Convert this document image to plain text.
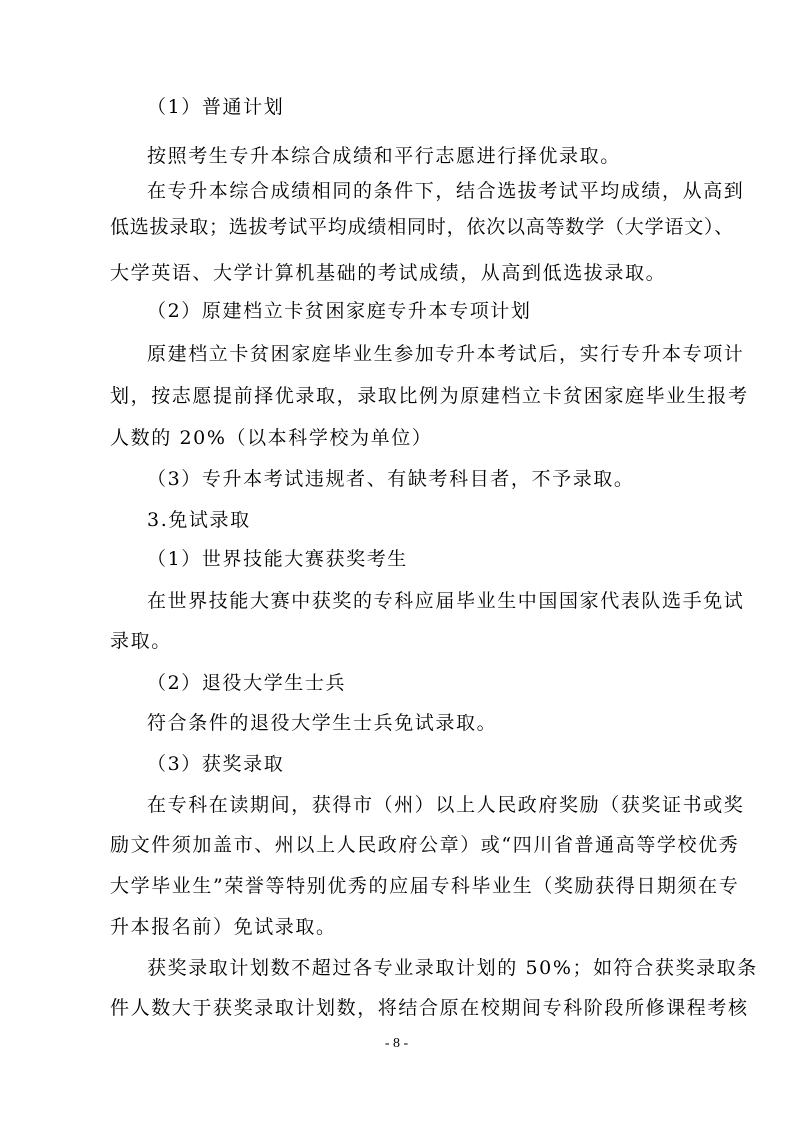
（1）普通计划
按照考生专升本综合成绩和平行志愿进行择优录取。
在专升本综合成绩相同的条件下，结合选拔考试平均成绩，从高到
低选拔录取；选拔考试平均成绩相同时，依次以高等数学（大学语文）、
大学英语、大学计算机基础的考试成绩，从高到低选拔录取。
（2）原建档立卡贫困家庭专升本专项计划
原建档立卡贫困家庭毕业生参加专升本考试后，实行专升本专项计
划，按志愿提前择优录取，录取比例为原建档立卡贫困家庭毕业生报考
人数的 20%（以本科学校为单位）
（3）专升本考试违规者、有缺考科目者，不予录取。
3.免试录取
（1）世界技能大赛获奖考生
在世界技能大赛中获奖的专科应届毕业生中国国家代表队选手免试
录取。
（2）退役大学生士兵
符合条件的退役大学生士兵免试录取。
（3）获奖录取
在专科在读期间，获得市（州）以上人民政府奖励（获奖证书或奖
励文件须加盖市、州以上人民政府公章）或“四川省普通高等学校优秀
大学毕业生”荣誉等特别优秀的应届专科毕业生（奖励获得日期须在专
升本报名前）免试录取。
获奖录取计划数不超过各专业录取计划的 50%；如符合获奖录取条
件人数大于获奖录取计划数，将结合原在校期间专科阶段所修课程考核
- 8 -
